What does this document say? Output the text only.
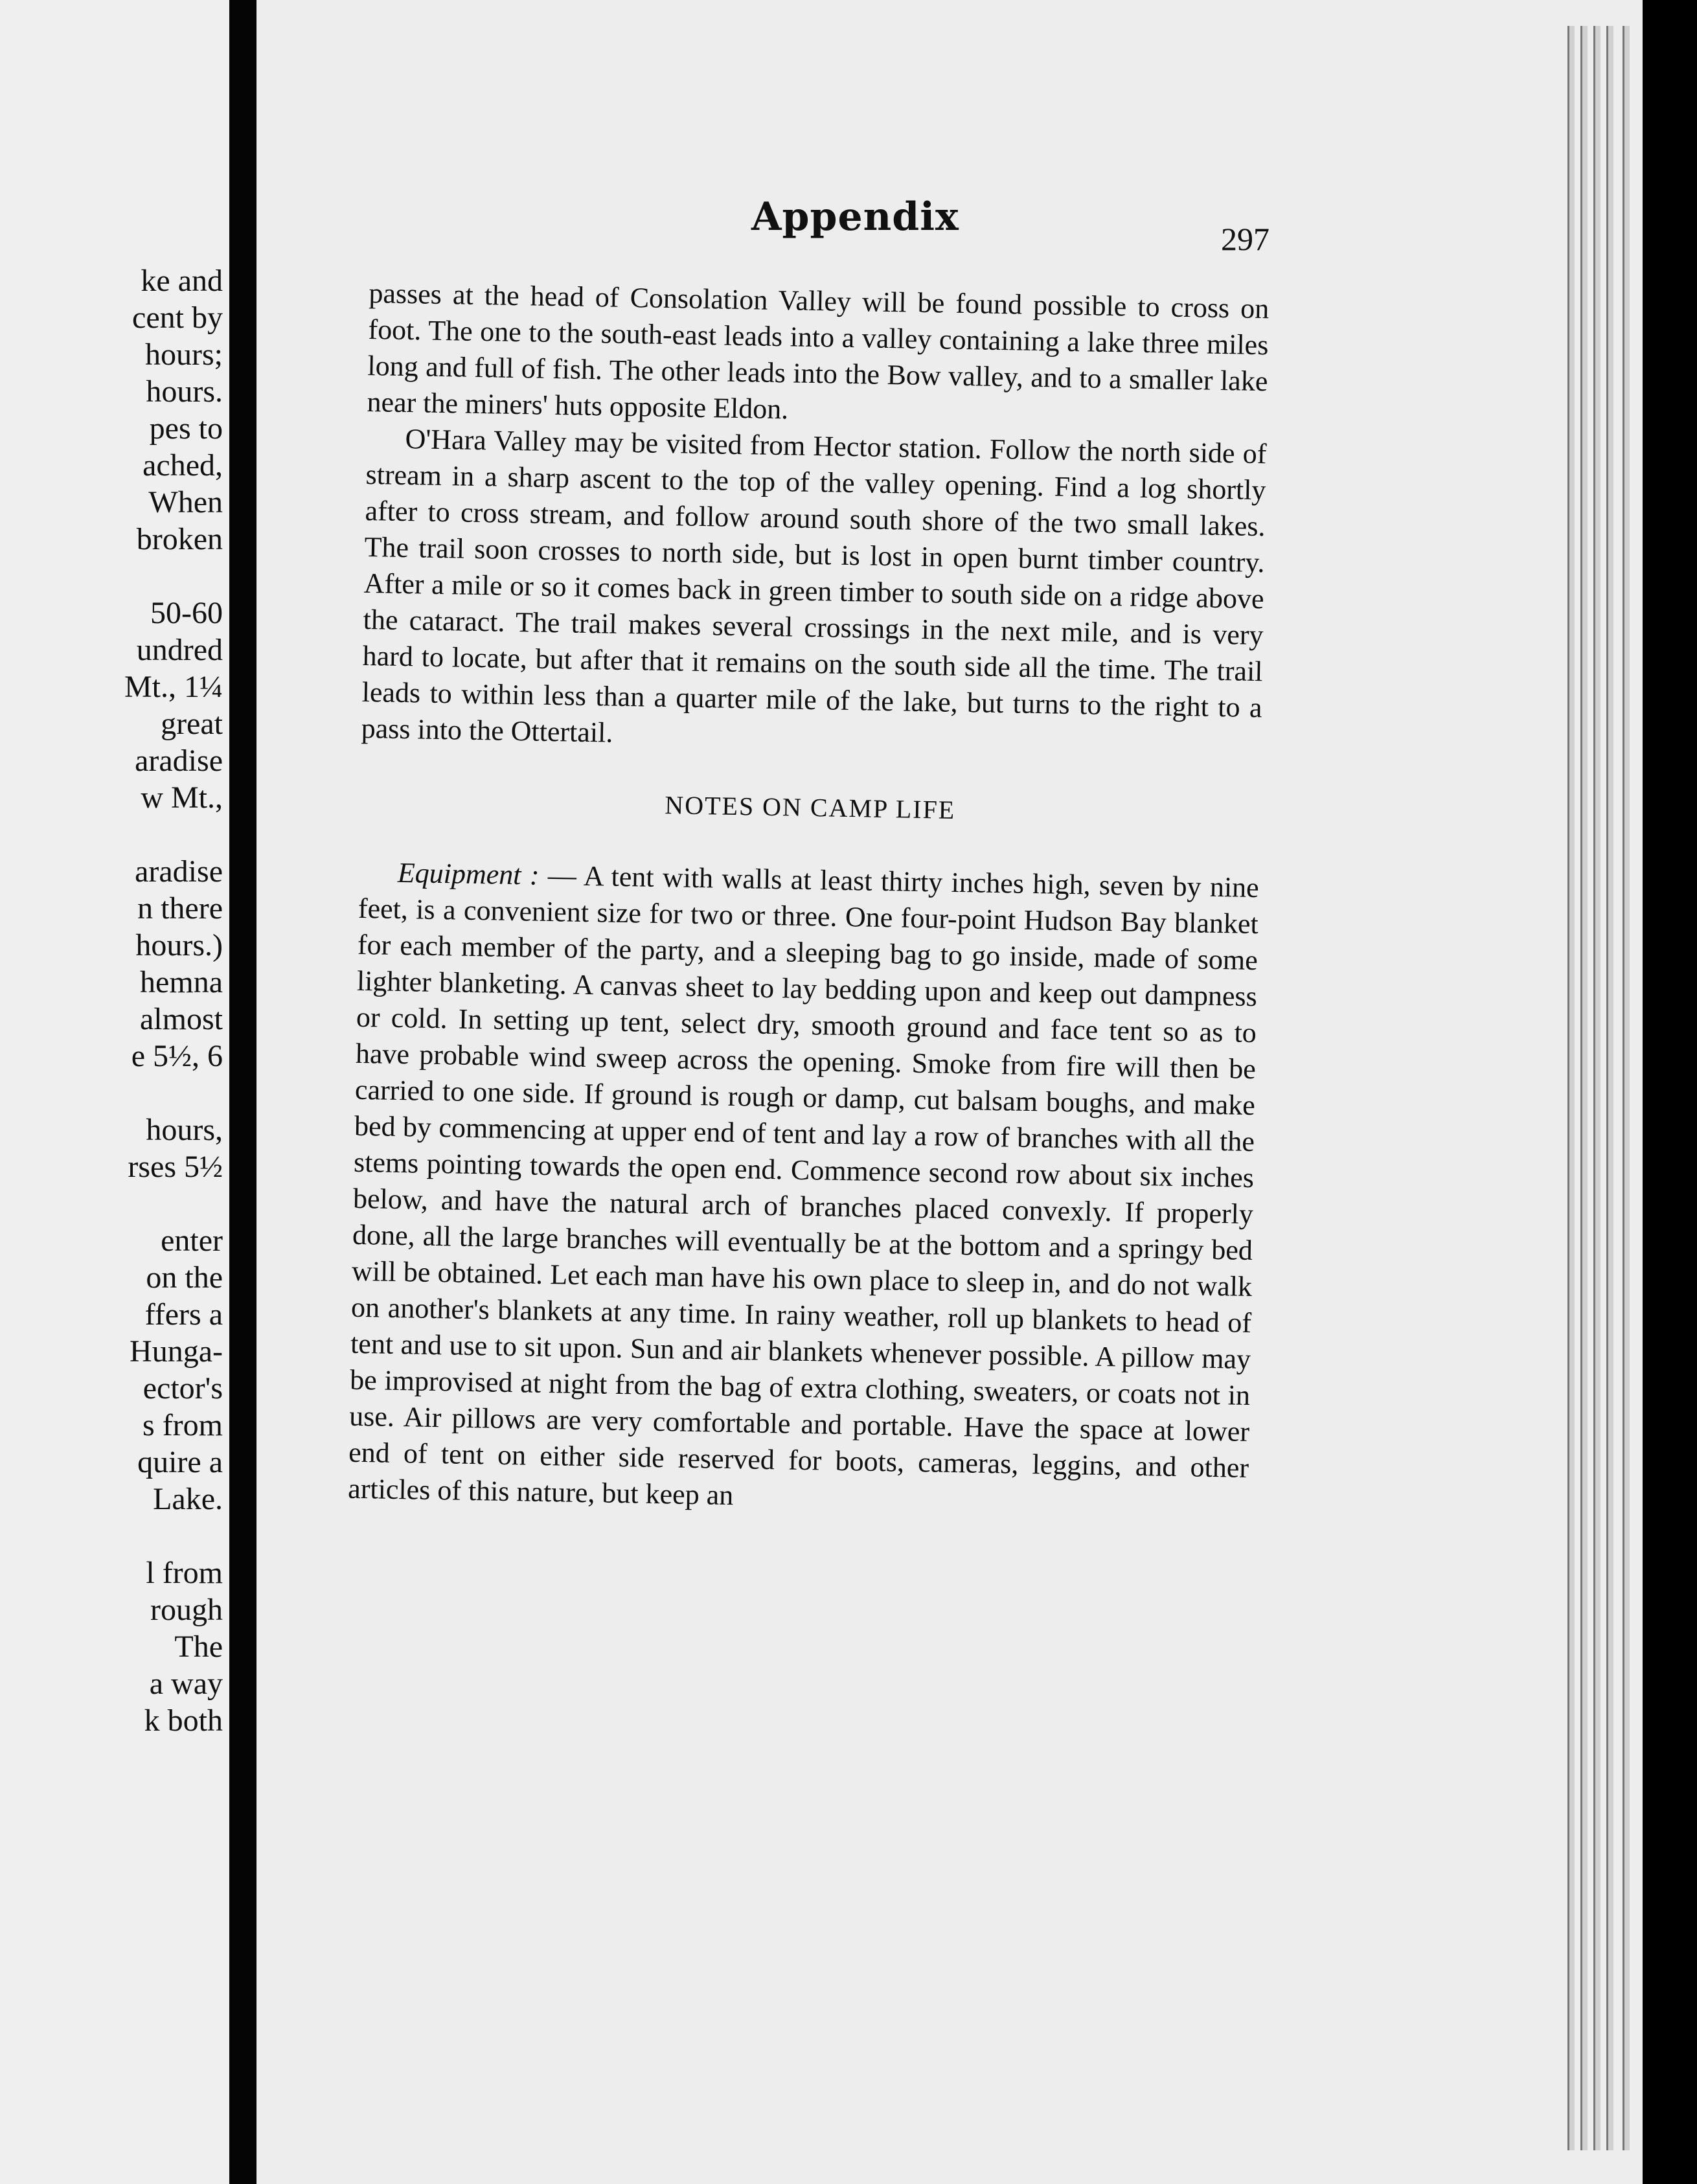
ke and
cent by
hours;
hours.
pes to
ached,
When
broken

50-60
undred
Mt., 1¼
great
aradise
w Mt.,

aradise
n there
hours.)
hemna
almost
e 5½, 6

hours,
rses 5½

enter
on the
ffers a
Hunga-
ector's
s from
quire a
Lake.

l from
rough
The
a way
k both
Appendix	297

passes at the head of Consolation Valley will be found possible to cross on foot. The one to the south-east leads into a valley containing a lake three miles long and full of fish. The other leads into the Bow valley, and to a smaller lake near the miners' huts opposite Eldon.

O'Hara Valley may be visited from Hector station. Follow the north side of stream in a sharp ascent to the top of the valley opening. Find a log shortly after to cross stream, and follow around south shore of the two small lakes. The trail soon crosses to north side, but is lost in open burnt timber country. After a mile or so it comes back in green timber to south side on a ridge above the cataract. The trail makes several crossings in the next mile, and is very hard to locate, but after that it remains on the south side all the time. The trail leads to within less than a quarter mile of the lake, but turns to the right to a pass into the Ottertail.

NOTES ON CAMP LIFE

Equipment : — A tent with walls at least thirty inches high, seven by nine feet, is a convenient size for two or three. One four-point Hudson Bay blanket for each member of the party, and a sleeping bag to go inside, made of some lighter blanketing. A canvas sheet to lay bedding upon and keep out dampness or cold. In setting up tent, select dry, smooth ground and face tent so as to have probable wind sweep across the opening. Smoke from fire will then be carried to one side. If ground is rough or damp, cut balsam boughs, and make bed by commencing at upper end of tent and lay a row of branches with all the stems pointing towards the open end. Commence second row about six inches below, and have the natural arch of branches placed convexly. If properly done, all the large branches will eventually be at the bottom and a springy bed will be obtained. Let each man have his own place to sleep in, and do not walk on another's blankets at any time. In rainy weather, roll up blankets to head of tent and use to sit upon. Sun and air blankets whenever possible. A pillow may be improvised at night from the bag of extra clothing, sweaters, or coats not in use. Air pillows are very comfortable and portable. Have the space at lower end of tent on either side reserved for boots, cameras, leggins, and other articles of this nature, but keep an
